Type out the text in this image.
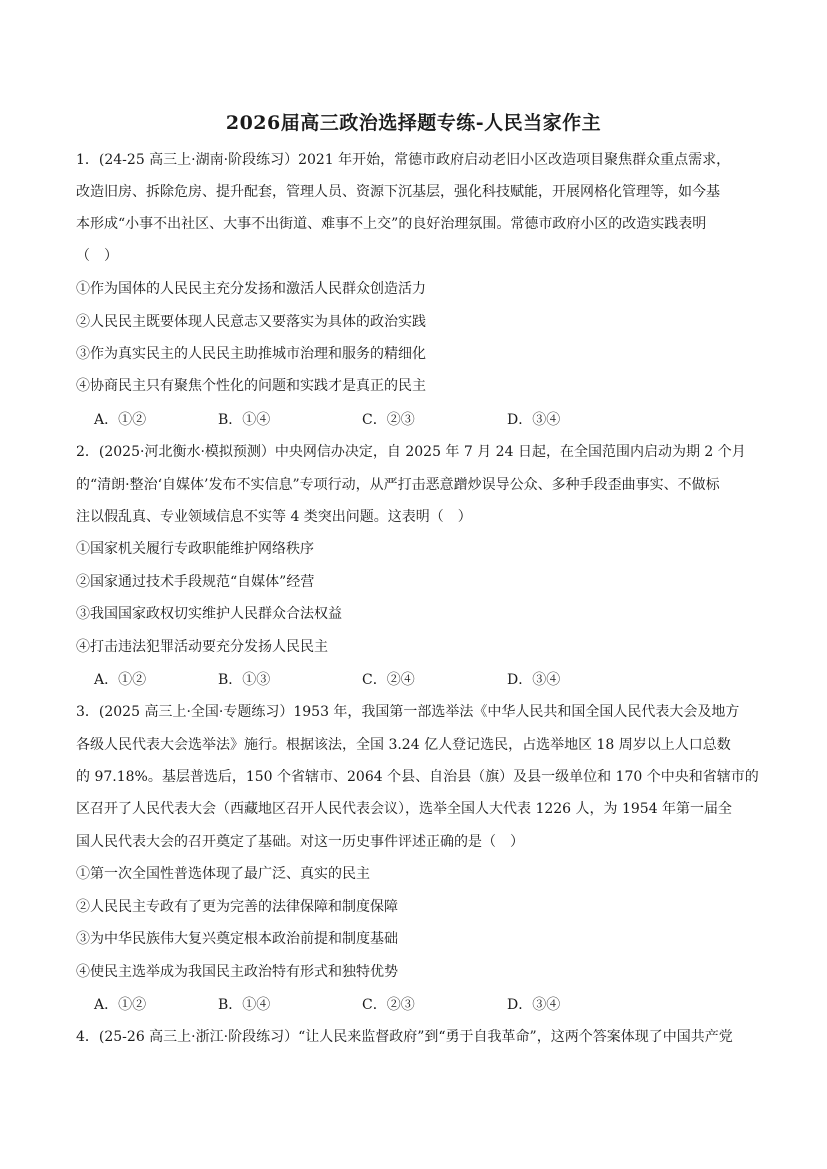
2026届高三政治选择题专练-人民当家作主
1．(24-25 高三上·湖南·阶段练习）2021 年开始，常德市政府启动老旧小区改造项目聚焦群众重点需求，
改造旧房、拆除危房、提升配套，管理人员、资源下沉基层，强化科技赋能，开展网格化管理等，如今基
本形成“小事不出社区、大事不出街道、难事不上交”的良好治理氛围。常德市政府小区的改造实践表明
（　）
①作为国体的人民民主充分发扬和激活人民群众创造活力
②人民民主既要体现人民意志又要落实为具体的政治实践
③作为真实民主的人民民主助推城市治理和服务的精细化
④协商民主只有聚焦个性化的问题和实践才是真正的民主
A．①②	B．①④	C．②③	D．③④
2．(2025·河北衡水·模拟预测）中央网信办决定，自 2025 年 7 月 24 日起，在全国范围内启动为期 2 个月
的“清朗·整治‘自媒体’发布不实信息”专项行动，从严打击恶意蹭炒误导公众、多种手段歪曲事实、不做标
注以假乱真、专业领域信息不实等 4 类突出问题。这表明（　）
①国家机关履行专政职能维护网络秩序
②国家通过技术手段规范“自媒体”经营
③我国国家政权切实维护人民群众合法权益
④打击违法犯罪活动要充分发扬人民民主
A．①②	B．①③	C．②④	D．③④
3．(2025 高三上·全国·专题练习）1953 年，我国第一部选举法《中华人民共和国全国人民代表大会及地方
各级人民代表大会选举法》施行。根据该法，全国 3.24 亿人登记选民，占选举地区 18 周岁以上人口总数
的 97.18%。基层普选后，150 个省辖市、2064 个县、自治县（旗）及县一级单位和 170 个中央和省辖市的
区召开了人民代表大会（西藏地区召开人民代表会议），选举全国人大代表 1226 人，为 1954 年第一届全
国人民代表大会的召开奠定了基础。对这一历史事件评述正确的是（　）
①第一次全国性普选体现了最广泛、真实的民主
②人民民主专政有了更为完善的法律保障和制度保障
③为中华民族伟大复兴奠定根本政治前提和制度基础
④使民主选举成为我国民主政治特有形式和独特优势
A．①②	B．①④	C．②③	D．③④
4．(25-26 高三上·浙江·阶段练习）“让人民来监督政府”到“勇于自我革命”，这两个答案体现了中国共产党
